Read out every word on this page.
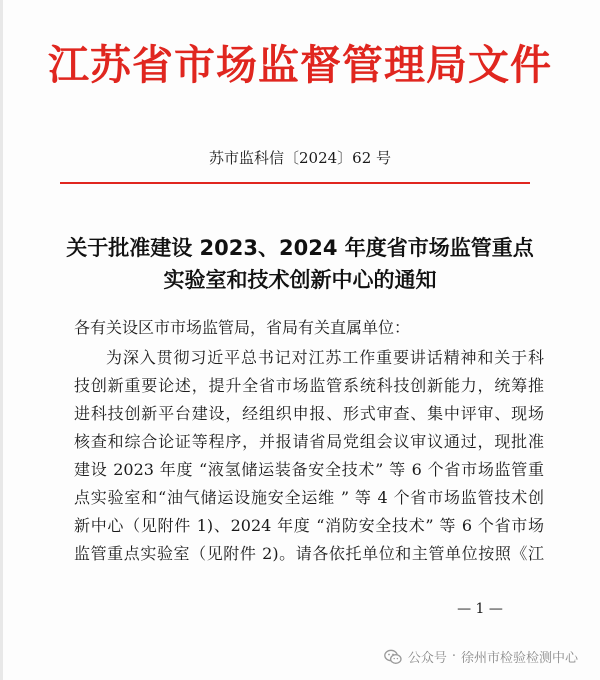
江苏省市场监督管理局文件
苏市监科信〔2024〕62 号
关于批准建设 2023、2024 年度省市场监管重点
实验室和技术创新中心的通知
各有关设区市市场监管局，省局有关直属单位：
为深入贯彻习近平总书记对江苏工作重要讲话精神和关于科
技创新重要论述，提升全省市场监管系统科技创新能力，统筹推
进科技创新平台建设，经组织申报、形式审查、集中评审、现场
核查和综合论证等程序，并报请省局党组会议审议通过，现批准
建设 2023 年度 “液氢储运装备安全技术” 等 6 个省市场监管重
点实验室和“油气储运设施安全运维 ” 等 4 个省市场监管技术创
新中心（见附件 1)、2024 年度 “消防安全技术” 等 6 个省市场
监管重点实验室（见附件 2)。请各依托单位和主管单位按照《江
— 1 —
公众号 · 徐州市检验检测中心
